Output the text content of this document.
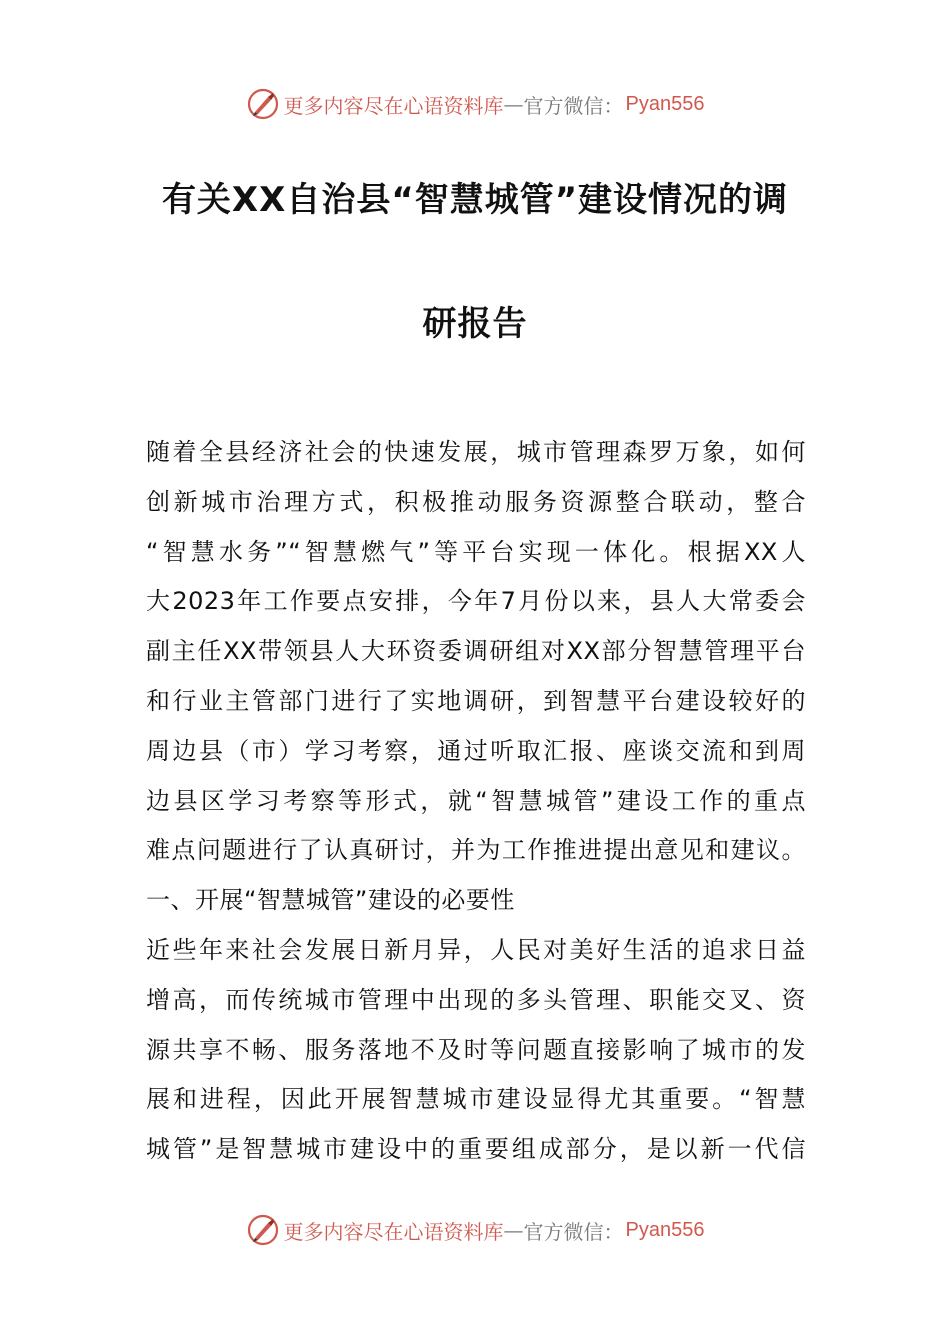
更多内容尽在心语资料库 — 官方微信： Pyan556
有关XX自治县“智慧城管”建设情况的调
研报告

随着全县经济社会的快速发展，城市管理森罗万象，如何

创新城市治理方式，积极推动服务资源整合联动，整合

“智慧水务”“智慧燃气”等平台实现一体化。根据XX人

大2023年工作要点安排，今年7月份以来，县人大常委会

副主任XX带领县人大环资委调研组对XX部分智慧管理平台

和行业主管部门进行了实地调研，到智慧平台建设较好的

周边县（市）学习考察，通过听取汇报、座谈交流和到周

边县区学习考察等形式，就“智慧城管”建设工作的重点

难点问题进行了认真研讨，并为工作推进提出意见和建议。

一、开展“智慧城管”建设的必要性

近些年来社会发展日新月异，人民对美好生活的追求日益

增高，而传统城市管理中出现的多头管理、职能交叉、资

源共享不畅、服务落地不及时等问题直接影响了城市的发

展和进程，因此开展智慧城市建设显得尤其重要。“智慧

城管”是智慧城市建设中的重要组成部分，是以新一代信

更多内容尽在心语资料库 — 官方微信： Pyan556
